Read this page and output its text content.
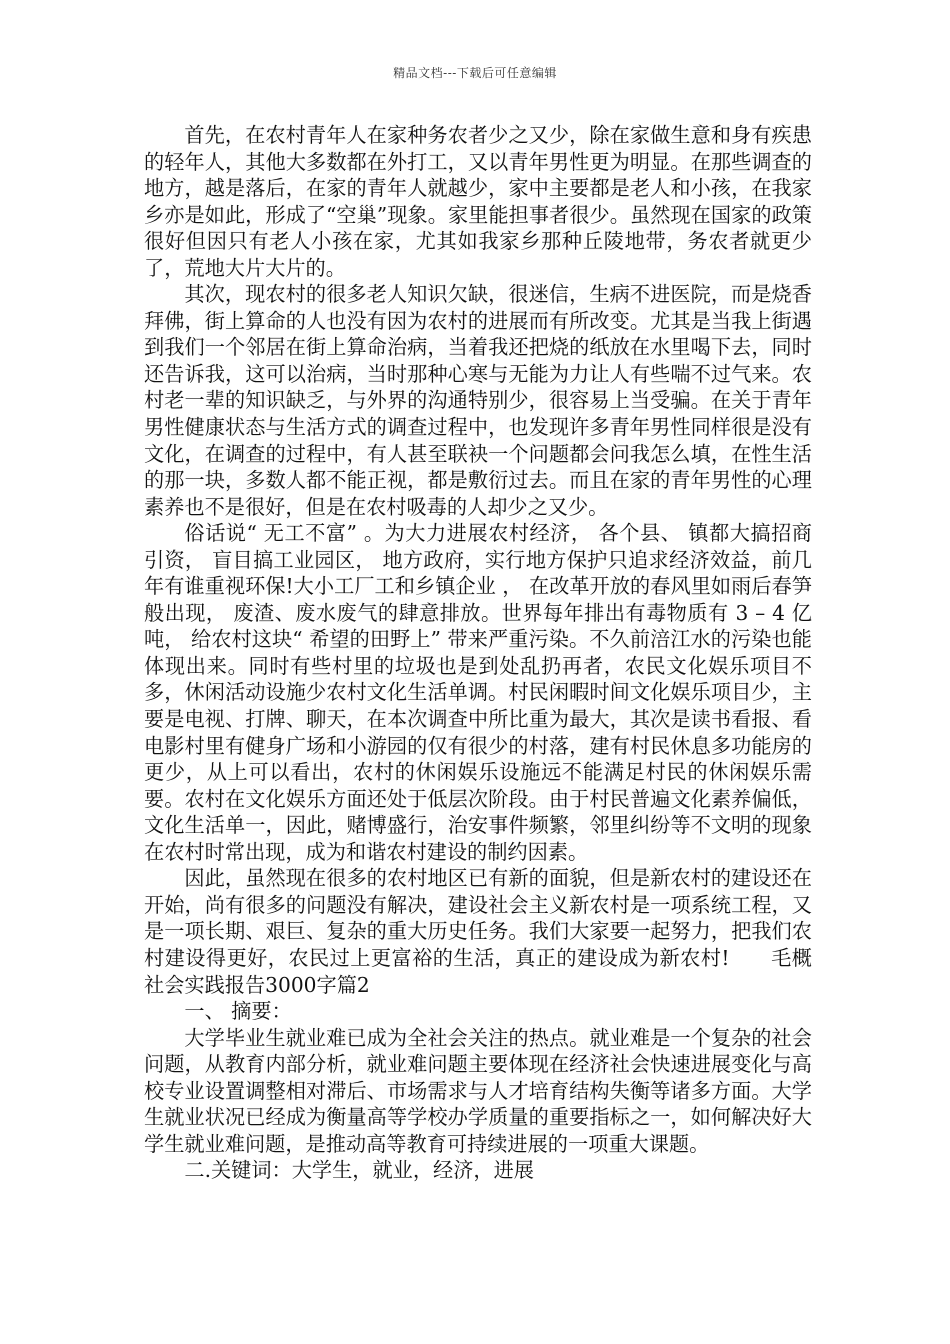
精品文档---下载后可任意编辑

首先，在农村青年人在家种务农者少之又少，除在家做生意和身有疾患的轻年人，其他大多数都在外打工，又以青年男性更为明显。在那些调查的地方，越是落后，在家的青年人就越少，家中主要都是老人和小孩，在我家乡亦是如此，形成了“空巢”现象。家里能担事者很少。虽然现在国家的政策很好但因只有老人小孩在家，尤其如我家乡那种丘陵地带，务农者就更少了，荒地大片大片的。

其次，现农村的很多老人知识欠缺，很迷信，生病不进医院，而是烧香拜佛，街上算命的人也没有因为农村的进展而有所改变。尤其是当我上街遇到我们一个邻居在街上算命治病，当着我还把烧的纸放在水里喝下去，同时还告诉我，这可以治病，当时那种心寒与无能为力让人有些喘不过气来。农村老一辈的知识缺乏，与外界的沟通特别少，很容易上当受骗。在关于青年男性健康状态与生活方式的调查过程中，也发现许多青年男性同样很是没有文化，在调查的过程中，有人甚至联袂一个问题都会问我怎么填，在性生活的那一块，多数人都不能正视，都是敷衍过去。而且在家的青年男性的心理素养也不是很好，但是在农村吸毒的人却少之又少。

俗话说“ 无工不富” 。为大力进展农村经济， 各个县、 镇都大搞招商引资， 盲目搞工业园区， 地方政府，实行地方保护只追求经济效益，前几年有谁重视环保!大小工厂工和乡镇企业 ， 在改革开放的春风里如雨后春笋般出现， 废渣、废水废气的肆意排放。世界每年排出有毒物质有 3 – 4 亿吨， 给农村这块“ 希望的田野上” 带来严重污染。不久前涪江水的污染也能体现出来。同时有些村里的垃圾也是到处乱扔再者，农民文化娱乐项目不多，休闲活动设施少农村文化生活单调。村民闲暇时间文化娱乐项目少，主要是电视、打牌、聊天，在本次调查中所比重为最大，其次是读书看报、看电影村里有健身广场和小游园的仅有很少的村落，建有村民休息多功能房的更少，从上可以看出，农村的休闲娱乐设施远不能满足村民的休闲娱乐需要。农村在文化娱乐方面还处于低层次阶段。由于村民普遍文化素养偏低，文化生活单一，因此，赌博盛行，治安事件频繁，邻里纠纷等不文明的现象在农村时常出现，成为和谐农村建设的制约因素。

因此，虽然现在很多的农村地区已有新的面貌，但是新农村的建设还在开始，尚有很多的问题没有解决，建设社会主义新农村是一项系统工程，又是一项长期、艰巨、复杂的重大历史任务。我们大家要一起努力，把我们农村建设得更好，农民过上更富裕的生活，真正的建设成为新农村!　　毛概社会实践报告3000字篇2

一、 摘要：

大学毕业生就业难已成为全社会关注的热点。就业难是一个复杂的社会问题，从教育内部分析，就业难问题主要体现在经济社会快速进展变化与高校专业设置调整相对滞后、市场需求与人才培育结构失衡等诸多方面。大学生就业状况已经成为衡量高等学校办学质量的重要指标之一，如何解决好大学生就业难问题，是推动高等教育可持续进展的一项重大课题。

二.关键词：大学生，就业，经济，进展
